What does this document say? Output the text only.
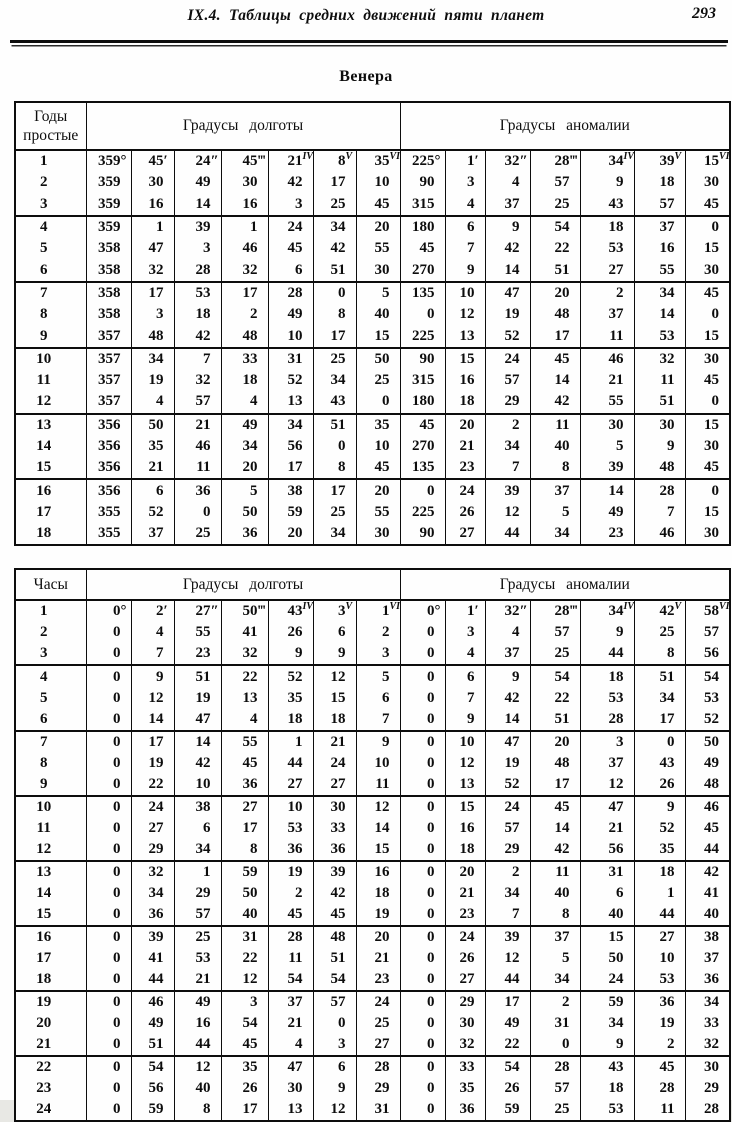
IX.4. Таблицы средних движений пяти планет	293
Венера
Годы простые	Градусы долготы							Градусы аномалии						
1	359°	45′	24″	45‴	$21^{IV}$	$8^V$	$35^{VI}$	225°	1′	32″	28‴	$34^{IV}$	$39^V$	$15^{VI}$
2	359	30	49	30	42	17	10	90	3	4	57	9	18	30
3	359	16	14	16	3	25	45	315	4	37	25	43	57	45
4	359	1	39	1	24	34	20	180	6	9	54	18	37	0
5	358	47	3	46	45	42	55	45	7	42	22	53	16	15
6	358	32	28	32	6	51	30	270	9	14	51	27	55	30
7	358	17	53	17	28	0	5	135	10	47	20	2	34	45
8	358	3	18	2	49	8	40	0	12	19	48	37	14	0
9	357	48	42	48	10	17	15	225	13	52	17	11	53	15
10	357	34	7	33	31	25	50	90	15	24	45	46	32	30
11	357	19	32	18	52	34	25	315	16	57	14	21	11	45
12	357	4	57	4	13	43	0	180	18	29	42	55	51	0
13	356	50	21	49	34	51	35	45	20	2	11	30	30	15
14	356	35	46	34	56	0	10	270	21	34	40	5	9	30
15	356	21	11	20	17	8	45	135	23	7	8	39	48	45
16	356	6	36	5	38	17	20	0	24	39	37	14	28	0
17	355	52	0	50	59	25	55	225	26	12	5	49	7	15
18	355	37	25	36	20	34	30	90	27	44	34	23	46	30
Часы	Градусы долготы							Градусы аномалии						
1	0°	2′	27″	50‴	$43^{IV}$	$3^V$	$1^{VI}$	0°	1′	32″	28‴	$34^{IV}$	$42^V$	$58^{VI}$
2	0	4	55	41	26	6	2	0	3	4	57	9	25	57
3	0	7	23	32	9	9	3	0	4	37	25	44	8	56
4	0	9	51	22	52	12	5	0	6	9	54	18	51	54
5	0	12	19	13	35	15	6	0	7	42	22	53	34	53
6	0	14	47	4	18	18	7	0	9	14	51	28	17	52
7	0	17	14	55	1	21	9	0	10	47	20	3	0	50
8	0	19	42	45	44	24	10	0	12	19	48	37	43	49
9	0	22	10	36	27	27	11	0	13	52	17	12	26	48
10	0	24	38	27	10	30	12	0	15	24	45	47	9	46
11	0	27	6	17	53	33	14	0	16	57	14	21	52	45
12	0	29	34	8	36	36	15	0	18	29	42	56	35	44
13	0	32	1	59	19	39	16	0	20	2	11	31	18	42
14	0	34	29	50	2	42	18	0	21	34	40	6	1	41
15	0	36	57	40	45	45	19	0	23	7	8	40	44	40
16	0	39	25	31	28	48	20	0	24	39	37	15	27	38
17	0	41	53	22	11	51	21	0	26	12	5	50	10	37
18	0	44	21	12	54	54	23	0	27	44	34	24	53	36
19	0	46	49	3	37	57	24	0	29	17	2	59	36	34
20	0	49	16	54	21	0	25	0	30	49	31	34	19	33
21	0	51	44	45	4	3	27	0	32	22	0	9	2	32
22	0	54	12	35	47	6	28	0	33	54	28	43	45	30
23	0	56	40	26	30	9	29	0	35	26	57	18	28	29
24	0	59	8	17	13	12	31	0	36	59	25	53	11	28
